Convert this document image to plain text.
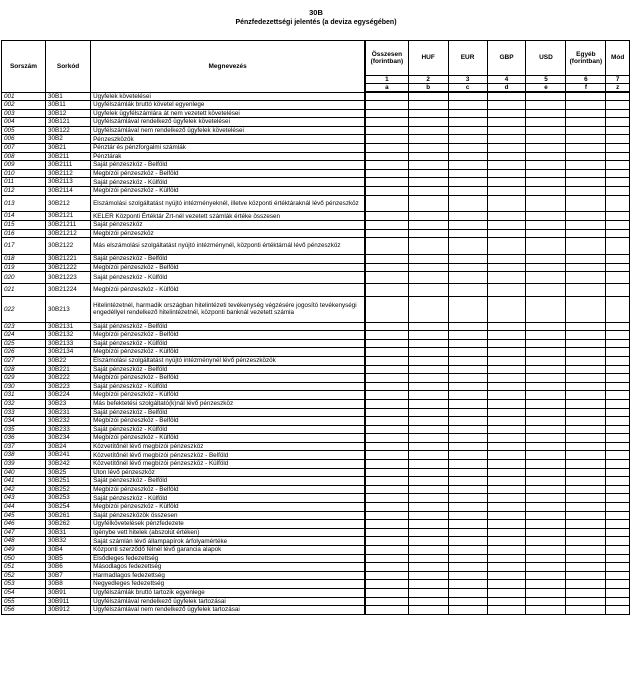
30B
Pénzfedezettségi jelentés (a deviza egységében)
Sorszám	Sorkód	Megnevezés	Összesen (forintban)	HUF	EUR	GBP	USD	Egyéb (forintban)	Mód
			1	2	3	4	5	6	7
			a	b	c	d	e	f	z
001	30B1	Ügyfelek követelései							
002	30B11	Ügyfélszámlák bruttó követel egyenlege							
003	30B12	Ügyfelek ügyfélszámlára át nem vezetett követelései							
004	30B121	Ügyfélszámlával rendelkező ügyfelek követelései							
005	30B122	Ügyfélszámlával nem rendelkező ügyfelek követelései							
006	30B2	Pénzeszközök							
007	30B21	Pénztár és pénzforgalmi számlák							
008	30B211	Pénztárak							
009	30B2111	Saját pénzeszköz - Belföld							
010	30B2112	Megbízói pénzeszköz - Belföld							
011	30B2113	Saját pénzeszköz - Külföld							
012	30B2114	Megbízói pénzeszköz - Külföld							
013	30B212	Elszámolási szolgáltatást nyújtó intézményeknél, illetve központi értéktáraknál lévő pénzeszköz							
014	30B2121	KELER Központi Értéktár Zrt-nél vezetett számlák értéke összesen							
015	30B21211	Saját pénzeszköz							
016	30B21212	Megbízói pénzeszköz							
017	30B2122	Más elszámolási szolgáltatást nyújtó intézménynél, központi értéktárnál lévő pénzeszköz							
018	30B21221	Saját pénzeszköz - Belföld							
019	30B21222	Megbízói pénzeszköz - Belföld							
020	30B21223	Saját pénzeszköz - Külföld							
021	30B21224	Megbízói pénzeszköz - Külföld							
022	30B213	Hitelintézetnél, harmadik országban hitelintézeti tevékenység végzésére jogosító tevékenységi engedéllyel rendelkező hitelintézetnél, központi banknál vezetett számla							
023	30B2131	Saját pénzeszköz - Belföld							
024	30B2132	Megbízói pénzeszköz - Belföld							
025	30B2133	Saját pénzeszköz - Külföld							
026	30B2134	Megbízói pénzeszköz - Külföld							
027	30B22	Elszámolási szolgáltatást nyújtó intézménynél lévő pénzeszközök							
028	30B221	Saját pénzeszköz - Belföld							
029	30B222	Megbízói pénzeszköz - Belföld							
030	30B223	Saját pénzeszköz - Külföld							
031	30B224	Megbízói pénzeszköz - Külföld							
032	30B23	Más befektetési szolgáltató(k)nál lévő pénzeszköz							
033	30B231	Saját pénzeszköz - Belföld							
034	30B232	Megbízói pénzeszköz - Belföld							
035	30B233	Saját pénzeszköz - Külföld							
036	30B234	Megbízói pénzeszköz - Külföld							
037	30B24	Közvetítőnél lévő megbízói pénzeszköz							
038	30B241	Közvetítőnél lévő megbízói pénzeszköz - Belföld							
039	30B242	Közvetítőnél lévő megbízói pénzeszköz - Külföld							
040	30B25	Úton lévő pénzeszköz							
041	30B251	Saját pénzeszköz - Belföld							
042	30B252	Megbízói pénzeszköz - Belföld							
043	30B253	Saját pénzeszköz - Külföld							
044	30B254	Megbízói pénzeszköz - Külföld							
045	30B261	Saját pénzeszközök összesen							
046	30B262	Ügyfélkövetelések pénzfedezete							
047	30B31	Igénybe vett hitelek (abszolút értéken)							
048	30B32	Saját számlán lévő állampapírok árfolyamértéke							
049	30B4	Központi szerződő félnél lévő garancia alapok							
050	30B5	Elsődleges fedezettség							
051	30B6	Másodlagos fedezettség							
052	30B7	Harmadlagos fedezettség							
053	30B8	Negyedleges fedezettség							
054	30B91	Ügyfélszámlák bruttó tartozik egyenlege							
055	30B911	Ügyfélszámlával rendelkező ügyfelek tartozásai							
056	30B912	Ügyfélszámlával nem rendelkező ügyfelek tartozásai							
